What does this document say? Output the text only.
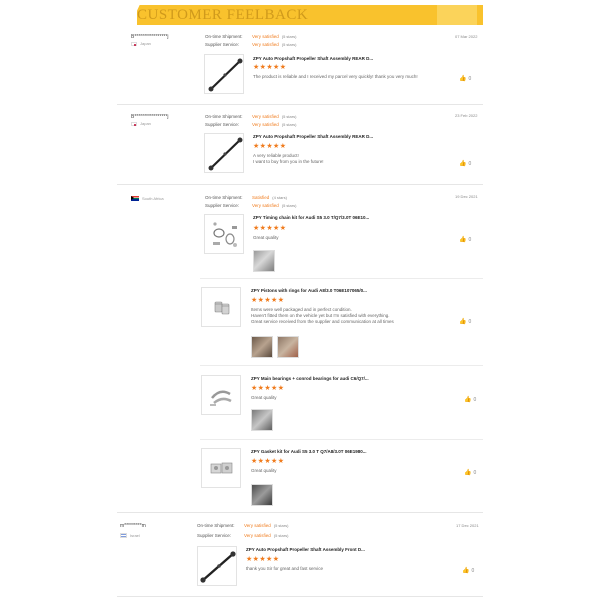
CUSTOMER FEELBACK
B*****************j
Japan
On-time Shipment: Very satisfied (5 stars)
Supplier Service:	Very satisfied (5 stars)
07 Mar 2022
ZPY Auto Propshaft Propeller Shaft Assembly REAR D...
★★★★★
The product is reliable and I received my parcel very quickly! thank you very much!	👍 0
B*****************j
Japan
On-time Shipment: Very satisfied (5 stars)
Supplier Service:	Very satisfied (5 stars)
23 Feb 2022
ZPY Auto Propshaft Propeller Shaft Assembly REAR D...
★★★★★
A very reliable product!
I want to buy from you in the future!	👍 0
South Africa	On-time Shipment: Satisfied (4 stars)
Supplier Service:	Very satisfied (5 stars)
19 Dec 2021
ZPY Timing chain kit for Audi S5 3.0 T/Q7/3.0T 06E10...
★★★★★
Great quality	👍 0
ZPY Pistons with rings for Audi A8/3.0 T06E107065/0...
★★★★★
Items were well packaged and in perfect condition.
Haven't fitted them on the vehicle yet but I'm satisfied with everything.
Great service received from the supplier and communication at all times	👍 0
ZPY Main bearings + conrod bearings for audi C6/Q7/...
★★★★★
Great quality	👍 0
ZPY Gasket kit for Audi S5 3.0 T Q7/A8/3.0T 06E1980...
★★★★★
Great quality	👍 0
m*********m
Israel
On-time Shipment: Very satisfied (5 stars)
Supplier Service:	Very satisfied (5 stars)
17 Dec 2021
ZPY Auto Propshaft Propeller Shaft Assembly Front D...
★★★★★
thank you Sir for great and fast service	👍 0
